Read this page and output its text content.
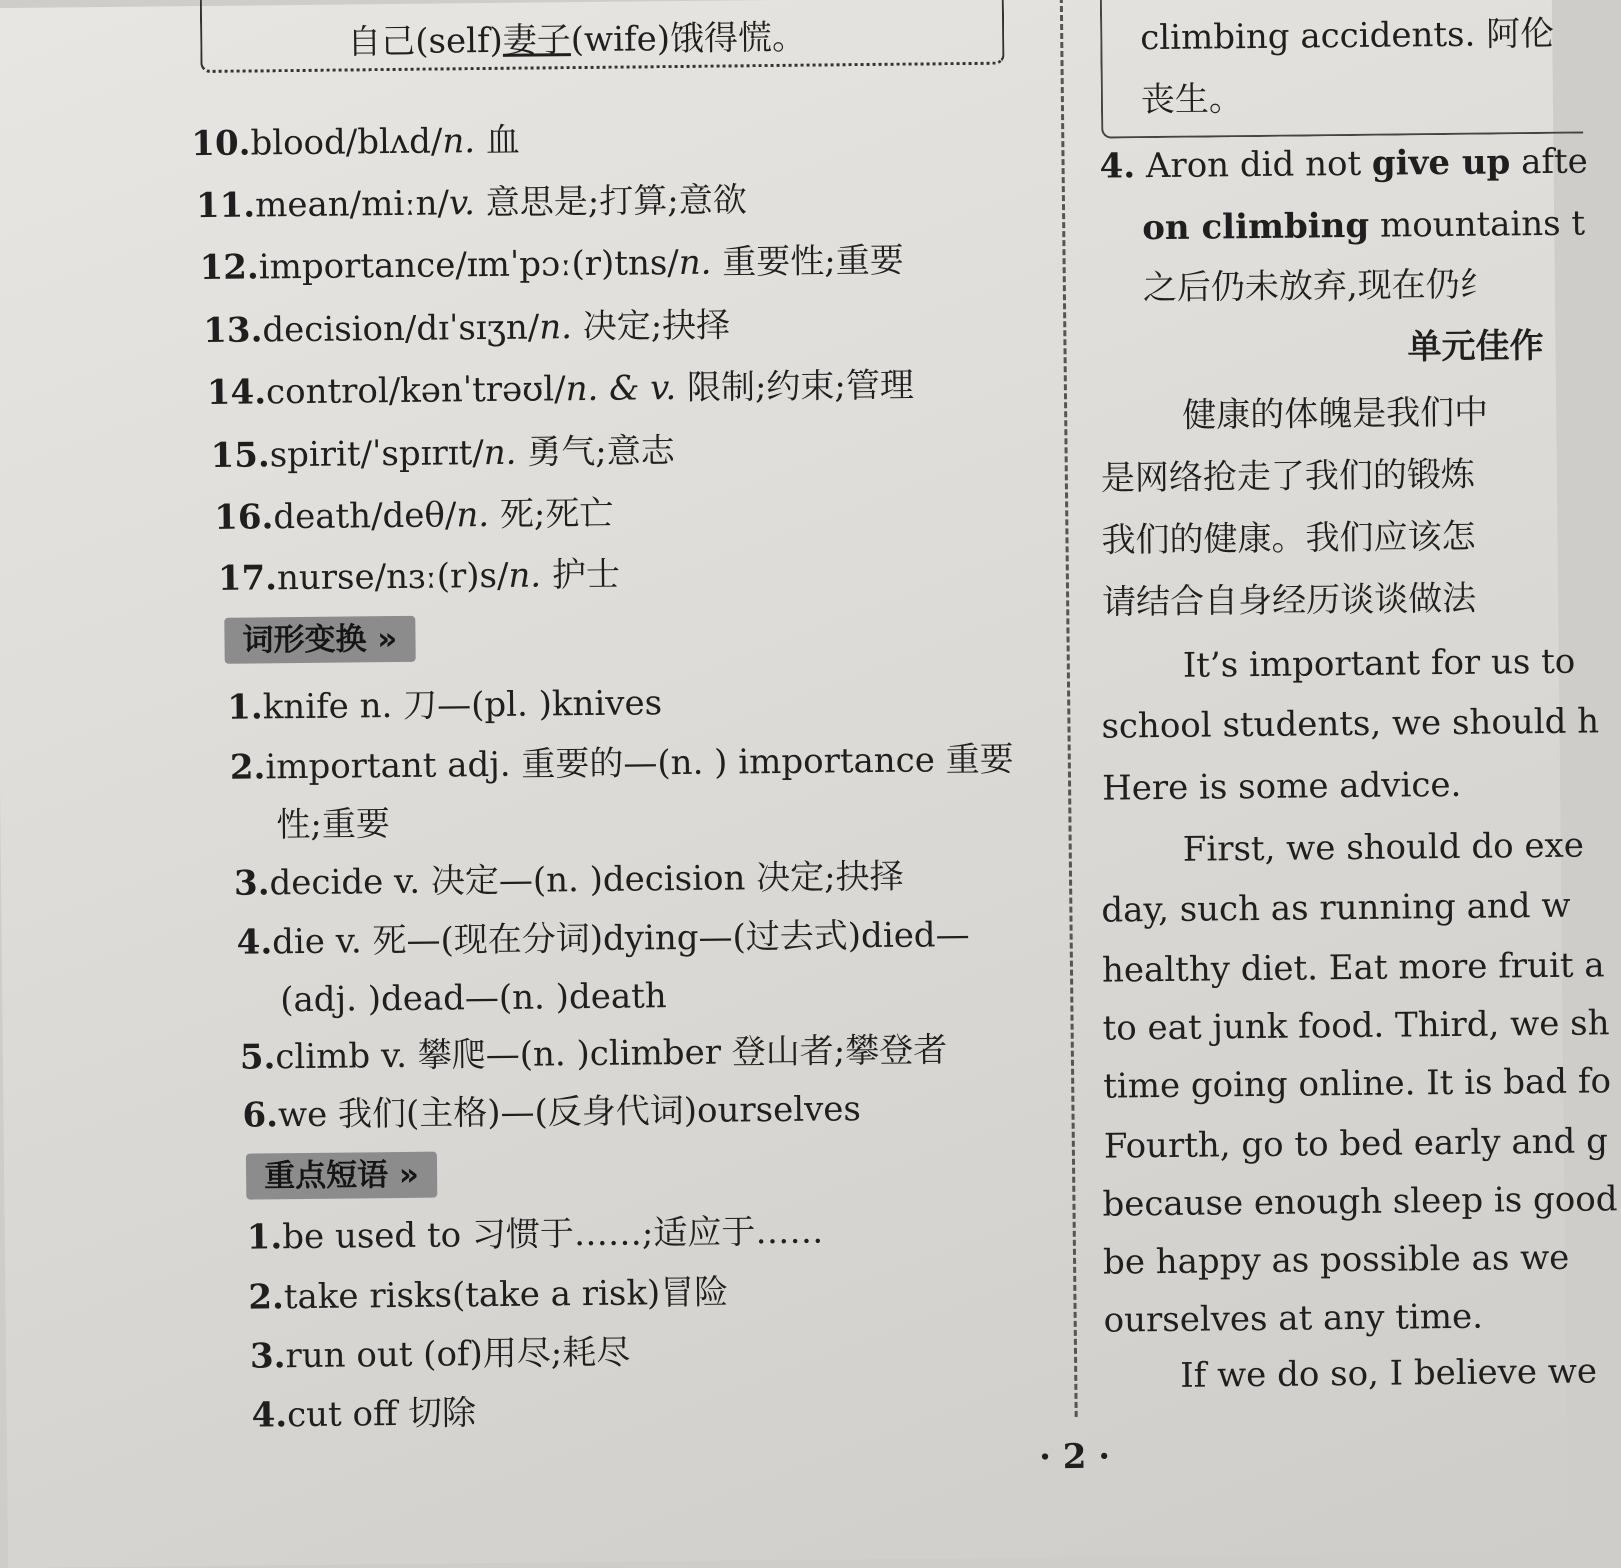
自己(self)妻子(wife)饿得慌。
10.blood/blʌd/n. 血
11.mean/miːn/v. 意思是;打算;意欲
12.importance/ɪmˈpɔː(r)tns/n. 重要性;重要
13.decision/dɪˈsɪʒn/n. 决定;抉择
14.control/kənˈtrəʊl/n. & v. 限制;约束;管理
15.spirit/ˈspɪrɪt/n. 勇气;意志
16.death/deθ/n. 死;死亡
17.nurse/nɜː(r)s/n. 护士
词形变换 »
1.knife n. 刀—(pl. )knives
2.important adj. 重要的—(n. ) importance 重要
性;重要
3.decide v. 决定—(n. )decision 决定;抉择
4.die v. 死—(现在分词)dying—(过去式)died—
(adj. )dead—(n. )death
5.climb v. 攀爬—(n. )climber 登山者;攀登者
6.we 我们(主格)—(反身代词)ourselves
重点短语 »
1.be used to 习惯于……;适应于……
2.take risks(take a risk)冒险
3.run out (of)用尽;耗尽
4.cut off 切除
climbing accidents. 阿伦
丧生。
4. Aron did not give up afte
on climbing mountains t
之后仍未放弃,现在仍纟
单元佳作
健康的体魄是我们中
是网络抢走了我们的锻炼
我们的健康。我们应该怎
请结合自身经历谈谈做法
It’s important for us to
school students, we should h
Here is some advice.
First, we should do exe
day, such as running and w
healthy diet. Eat more fruit a
to eat junk food. Third, we sh
time going online. It is bad fo
Fourth, go to bed early and g
because enough sleep is good
be happy as possible as we
ourselves at any time.
If we do so, I believe we
· 2 ·
